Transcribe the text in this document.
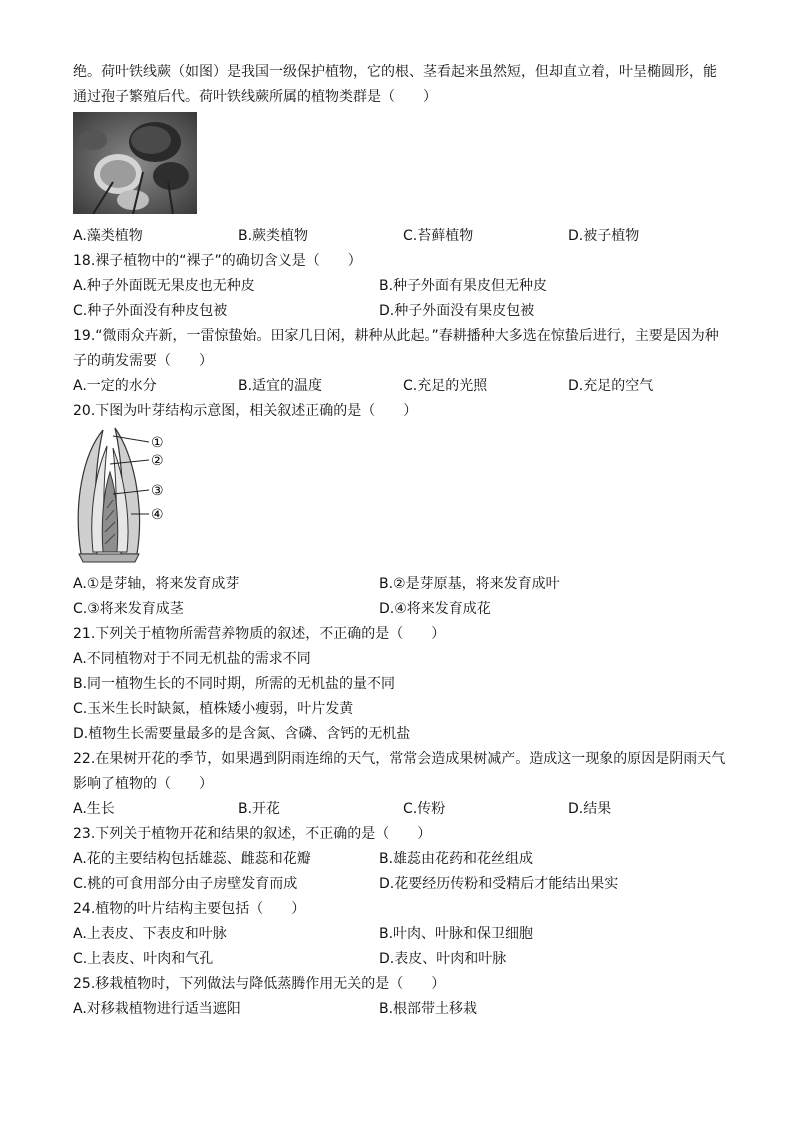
绝。荷叶铁线蕨（如图）是我国一级保护植物，它的根、茎看起来虽然短，但却直立着，叶呈椭圆形，能
通过孢子繁殖后代。荷叶铁线蕨所属的植物类群是（　　）
A.藻类植物	B.蕨类植物	C.苔藓植物	D.被子植物
18.裸子植物中的“裸子”的确切含义是（　　）
A.种子外面既无果皮也无种皮	B.种子外面有果皮但无种皮
C.种子外面没有种皮包被	D.种子外面没有果皮包被
19.“微雨众卉新，一雷惊蛰始。田家几日闲，耕种从此起。”春耕播种大多选在惊蛰后进行，主要是因为种
子的萌发需要（　　）
A.一定的水分	B.适宜的温度	C.充足的光照	D.充足的空气
20.下图为叶芽结构示意图，相关叙述正确的是（　　）
①
②
③
④
A.①是芽轴，将来发育成芽	B.②是芽原基，将来发育成叶
C.③将来发育成茎	D.④将来发育成花
21.下列关于植物所需营养物质的叙述，不正确的是（　　）
A.不同植物对于不同无机盐的需求不同
B.同一植物生长的不同时期，所需的无机盐的量不同
C.玉米生长时缺氮，植株矮小瘦弱，叶片发黄
D.植物生长需要量最多的是含氮、含磷、含钙的无机盐
22.在果树开花的季节，如果遇到阴雨连绵的天气，常常会造成果树减产。造成这一现象的原因是阴雨天气
影响了植物的（　　）
A.生长	B.开花	C.传粉	D.结果
23.下列关于植物开花和结果的叙述，不正确的是（　　）
A.花的主要结构包括雄蕊、雌蕊和花瓣	B.雄蕊由花药和花丝组成
C.桃的可食用部分由子房壁发育而成	D.花要经历传粉和受精后才能结出果实
24.植物的叶片结构主要包括（　　）
A.上表皮、下表皮和叶脉	B.叶肉、叶脉和保卫细胞
C.上表皮、叶肉和气孔	D.表皮、叶肉和叶脉
25.移栽植物时，下列做法与降低蒸腾作用无关的是（　　）
A.对移栽植物进行适当遮阳	B.根部带土移栽
